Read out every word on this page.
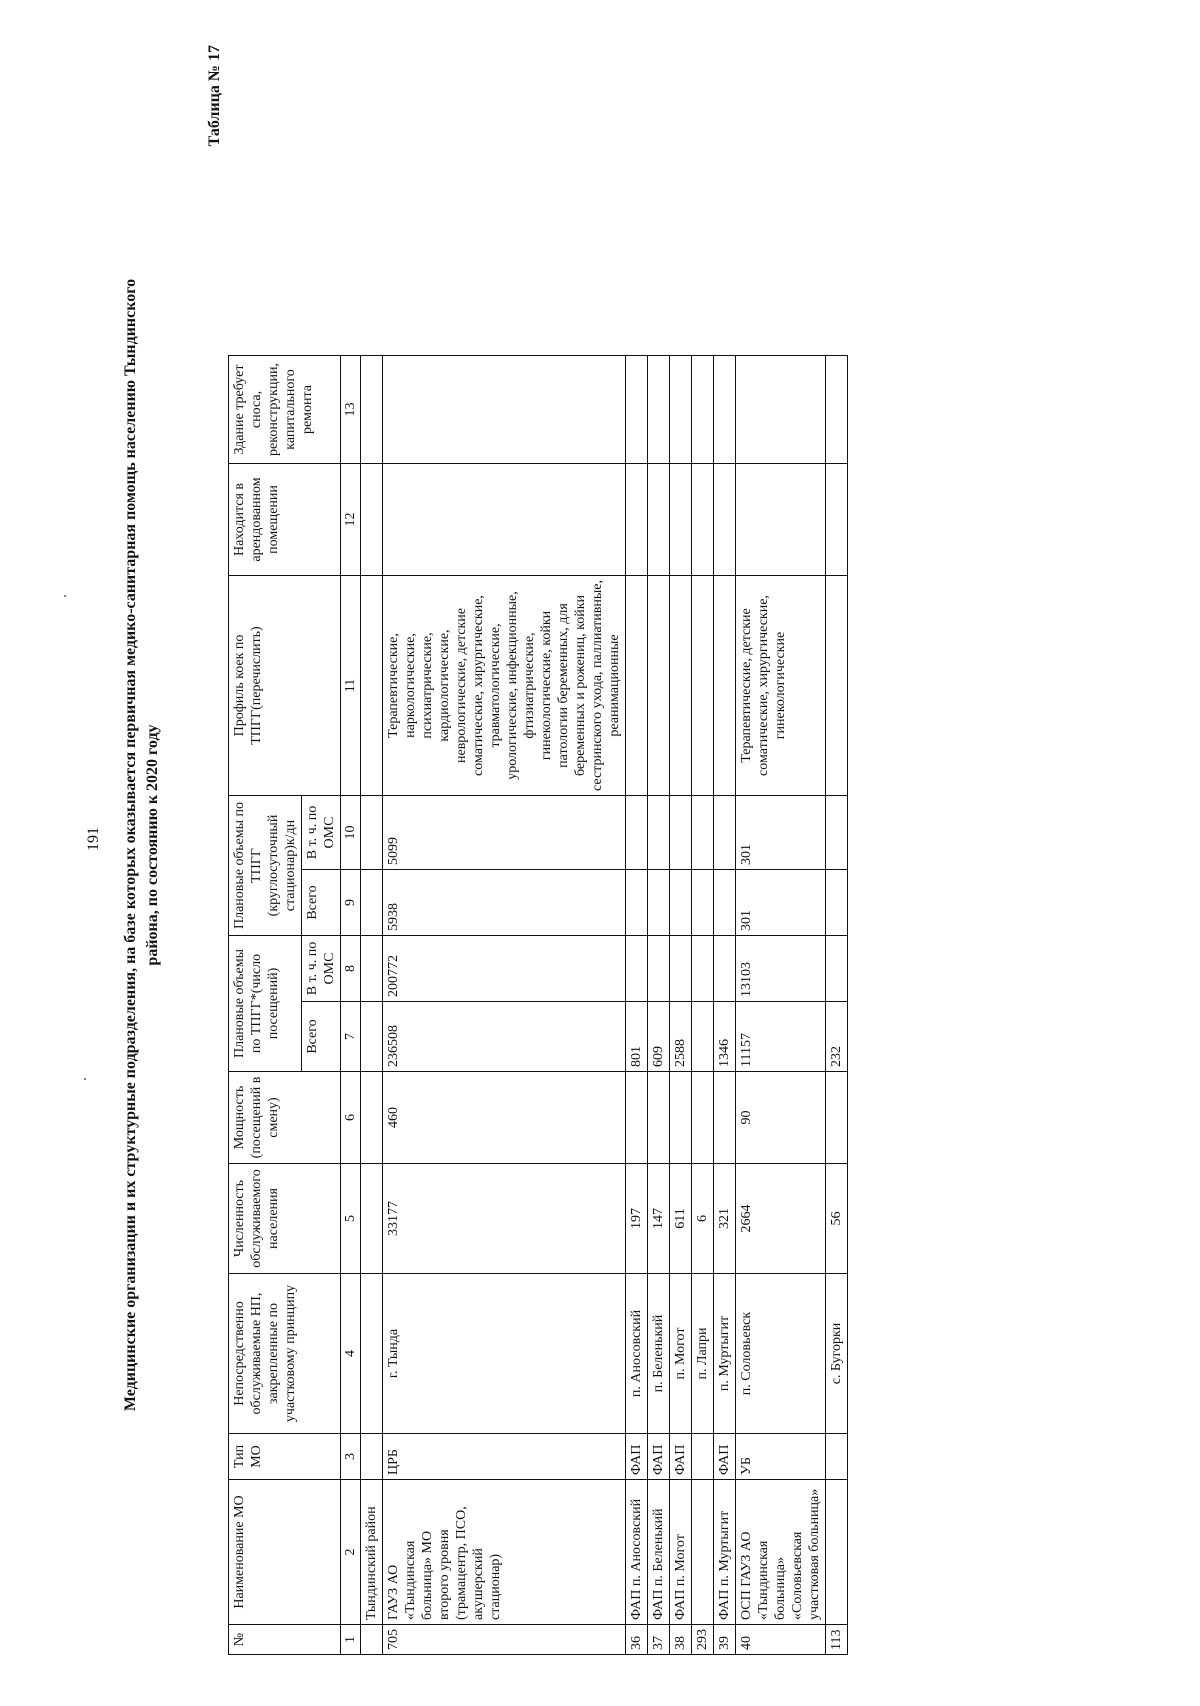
191 Медицинские организации и их структурные подразделения, на базе которых оказывается первичная медико-санитарная помощь населению Тындинского района, по состоянию к 2020 году
Таблица № 17
№	Наименование МО	Тип МО	Непосредственно обслуживаемые НП, закрепленные по участковому принципу	Численность обслуживаемого населения	Мощность (посещений в смену)	Плановые объемы по ТПГГ*(число посещений)		Плановые объемы по ТПГГ (круглосуточный стационар)к/дн		Профиль коек по ТПГГ(перечислить)	Находится в арендованном помещении	Здание требует сноса, реконструкции, капитального ремонта
						Всего	В т. ч. по ОМС	Всего	В т. ч. по ОМС			
1	2	3	4	5	6	7	8	9	10	11	12	13
	Тындинский район											
705	ГАУЗ АО «Тындинская больница» МО второго уровня (трамацентр, ПСО, акушерский стационар)	ЦРБ	г. Тында	33177	460	236508	200772	5938	5099	Терапевтические, наркологические, психиатрические, кардиологические, неврологические, детские соматические, хирургические, травматологические, урологические, инфекционные, фтизиатрические, гинекологические, койки патологии беременных, для беременных и рожениц, койки сестринского ухода, паллиативные, реанимационные		
36	ФАП п. Аносовский	ФАП	п. Аносовский	197		801						
37	ФАП п. Беленький	ФАП	п. Беленький	147		609						
38	ФАП п. Могот	ФАП	п. Могот	611		2588						
293			п. Лапри	6								
39	ФАП п. Муртыгит	ФАП	п. Муртыгит	321		1346						
40	ОСП ГАУЗ АО «Тындинская больница» «Соловьевская участковая больница»	УБ	п. Соловьевск	2664	90	11157	13103	301	301	Терапевтические, детские соматические, хирургические, гинекологические		
113			с. Бугорки	56		232						
